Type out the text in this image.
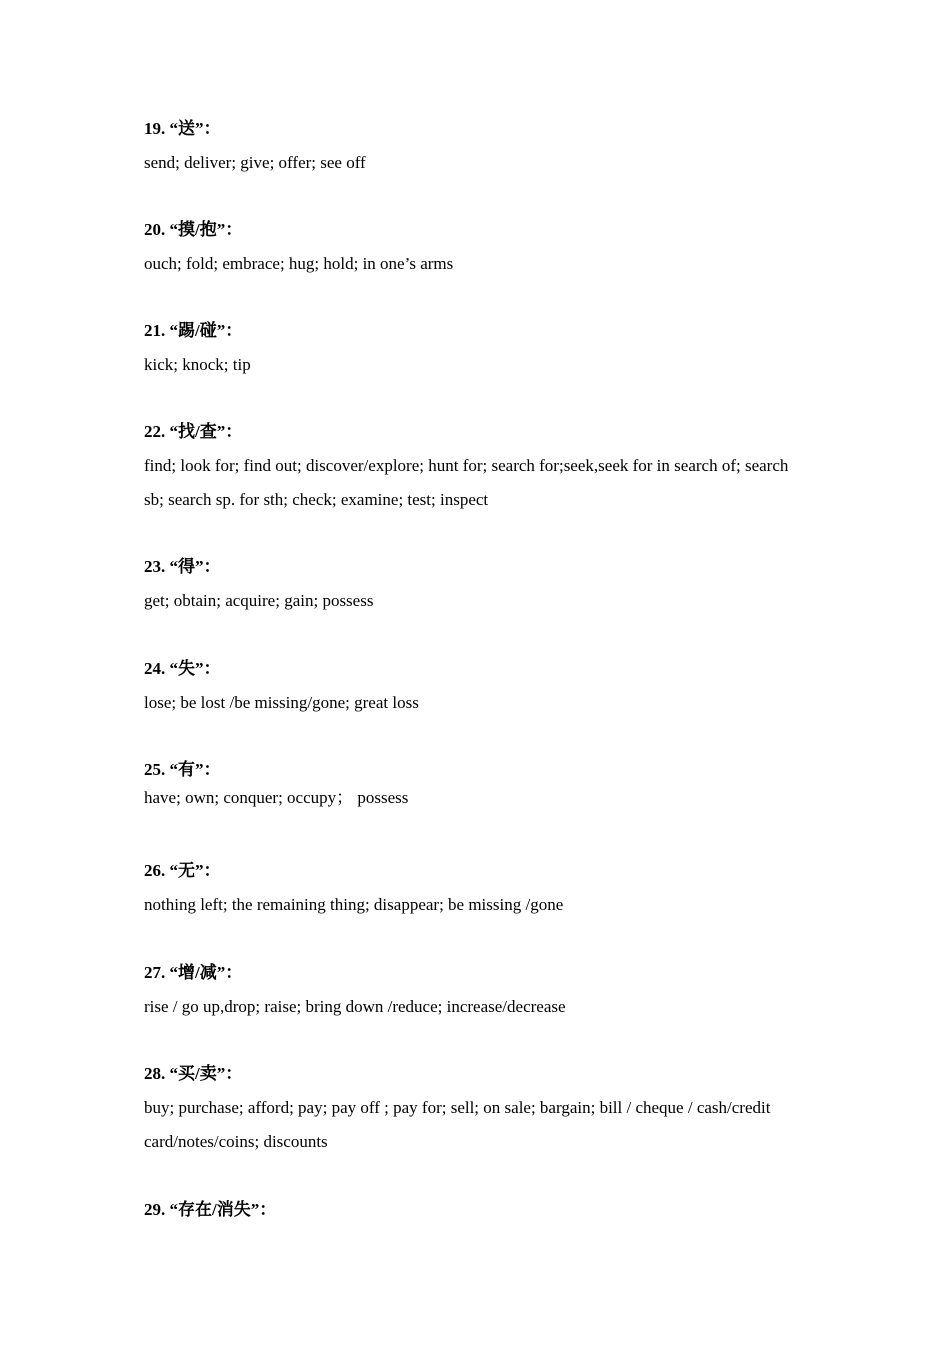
19. “送”：
send; deliver; give; offer; see off
20. “摸/抱”：
ouch; fold; embrace; hug; hold; in one’s arms
21. “踢/碰”：
kick; knock; tip
22. “找/查”：
find; look for; find out; discover/explore; hunt for; search for;seek,seek for in search of; search sb; search sp. for sth; check; examine; test; inspect
23. “得”：
get; obtain; acquire; gain; possess
24. “失”：
lose; be lost /be missing/gone; great loss
25. “有”：
have; own; conquer; occupy； possess
26. “无”：
nothing left; the remaining thing; disappear; be missing /gone
27. “增/减”：
rise / go up,drop; raise; bring down /reduce; increase/decrease
28. “买/卖”：
buy; purchase; afford; pay; pay off ; pay for; sell; on sale; bargain; bill / cheque / cash/credit card/notes/coins; discounts
29. “存在/消失”：
